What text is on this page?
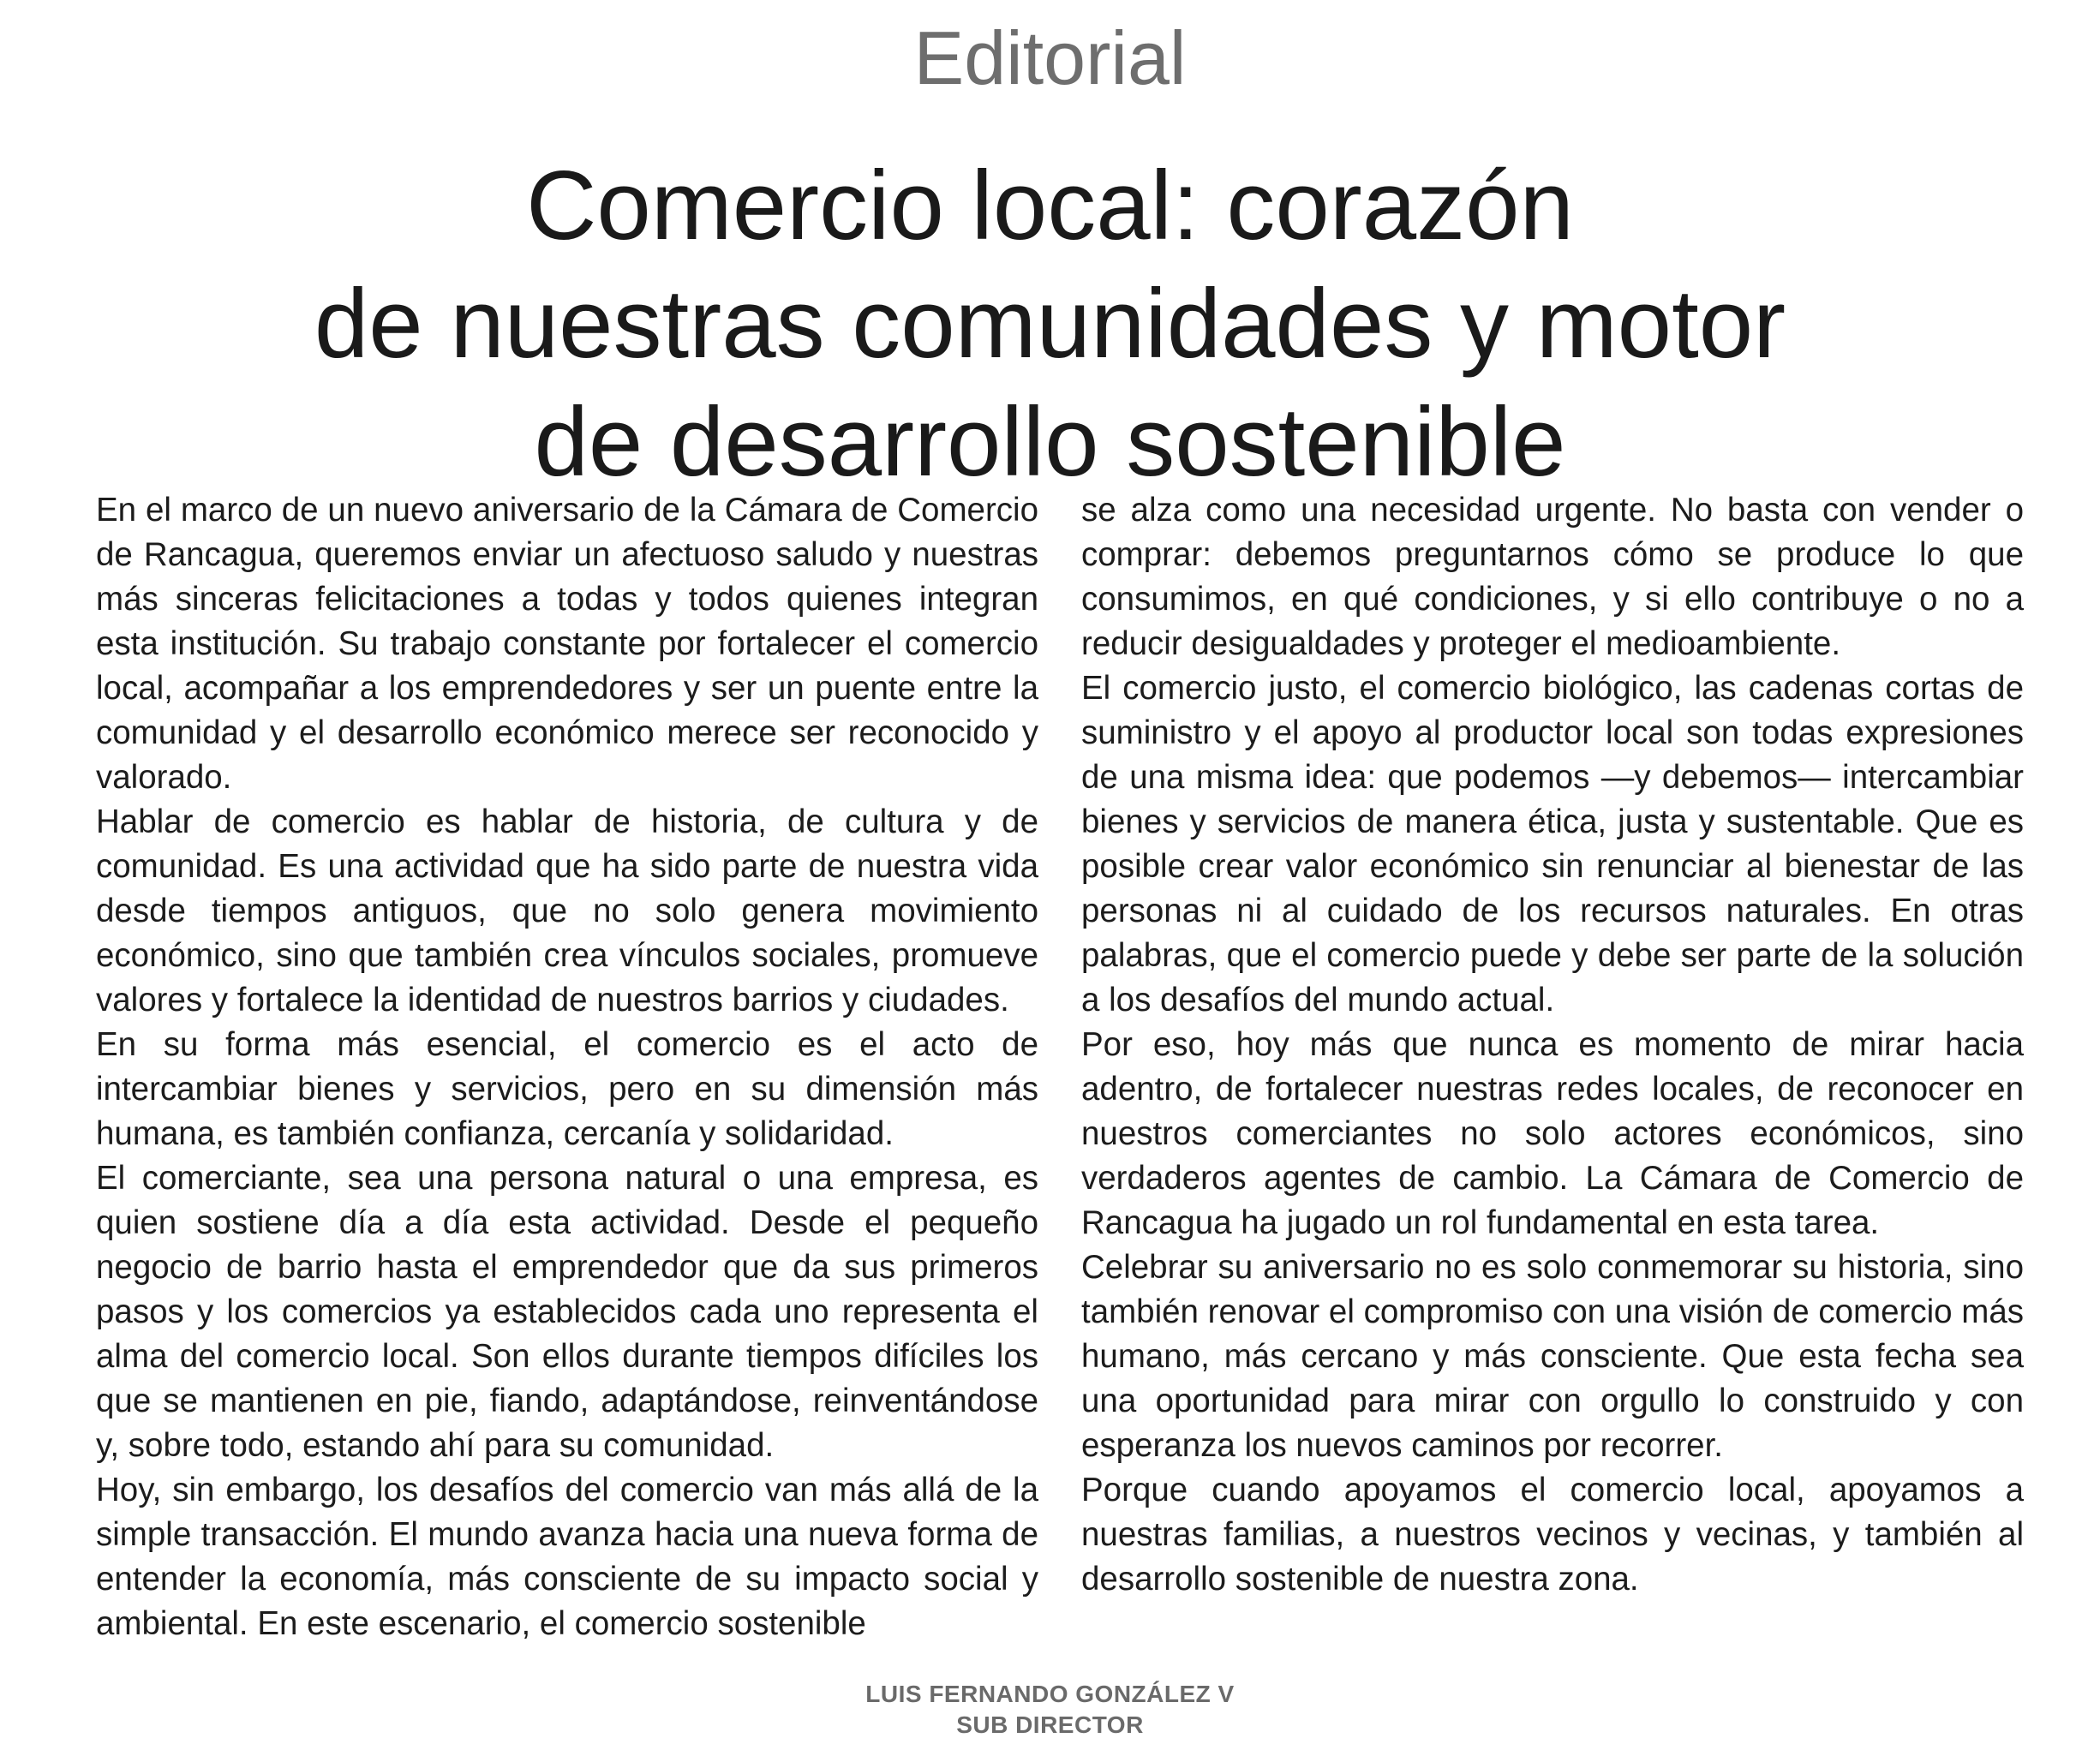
Editorial
Comercio local: corazón
de nuestras comunidades y motor
de desarrollo sostenible

En el marco de un nuevo aniversario de la Cámara de Comercio de Rancagua, queremos enviar un afectuoso saludo y nuestras más sinceras felicitaciones a todas y todos quienes integran esta institución. Su trabajo constante por fortalecer el comercio local, acompañar a los emprendedores y ser un puente entre la comunidad y el desarrollo económico merece ser reconocido y valorado.

Hablar de comercio es hablar de historia, de cultura y de comunidad. Es una actividad que ha sido parte de nuestra vida desde tiempos antiguos, que no solo genera movimiento económico, sino que también crea vínculos sociales, promueve valores y fortalece la identidad de nuestros barrios y ciudades.

En su forma más esencial, el comercio es el acto de intercambiar bienes y servicios, pero en su dimensión más humana, es también confianza, cercanía y solidaridad.

El comerciante, sea una persona natural o una empresa, es quien sostiene día a día esta actividad. Desde el pequeño negocio de barrio hasta el emprendedor que da sus primeros pasos y los comercios ya establecidos cada uno representa el alma del comercio local. Son ellos durante tiempos difíciles los que se mantienen en pie, fiando, adaptándose, reinventándose y, sobre todo, estando ahí para su comunidad.

Hoy, sin embargo, los desafíos del comercio van más allá de la simple transacción. El mundo avanza hacia una nueva forma de entender la economía, más consciente de su impacto social y ambiental. En este escenario, el comercio sostenible

se alza como una necesidad urgente. No basta con vender o comprar: debemos preguntarnos cómo se produce lo que consumimos, en qué condiciones, y si ello contribuye o no a reducir desigualdades y proteger el medioambiente.

El comercio justo, el comercio biológico, las cadenas cortas de suministro y el apoyo al productor local son todas expresiones de una misma idea: que podemos —y debemos— intercambiar bienes y servicios de manera ética, justa y sustentable. Que es posible crear valor económico sin renunciar al bienestar de las personas ni al cuidado de los recursos naturales. En otras palabras, que el comercio puede y debe ser parte de la solución a los desafíos del mundo actual.

Por eso, hoy más que nunca es momento de mirar hacia adentro, de fortalecer nuestras redes locales, de reconocer en nuestros comerciantes no solo actores económicos, sino verdaderos agentes de cambio. La Cámara de Comercio de Rancagua ha jugado un rol fundamental en esta tarea.

Celebrar su aniversario no es solo conmemorar su historia, sino también renovar el compromiso con una visión de comercio más humano, más cercano y más consciente. Que esta fecha sea una oportunidad para mirar con orgullo lo construido y con esperanza los nuevos caminos por recorrer.

Porque cuando apoyamos el comercio local, apoyamos a nuestras familias, a nuestros vecinos y vecinas, y también al desarrollo sostenible de nuestra zona.

LUIS FERNANDO GONZÁLEZ V
SUB DIRECTOR
